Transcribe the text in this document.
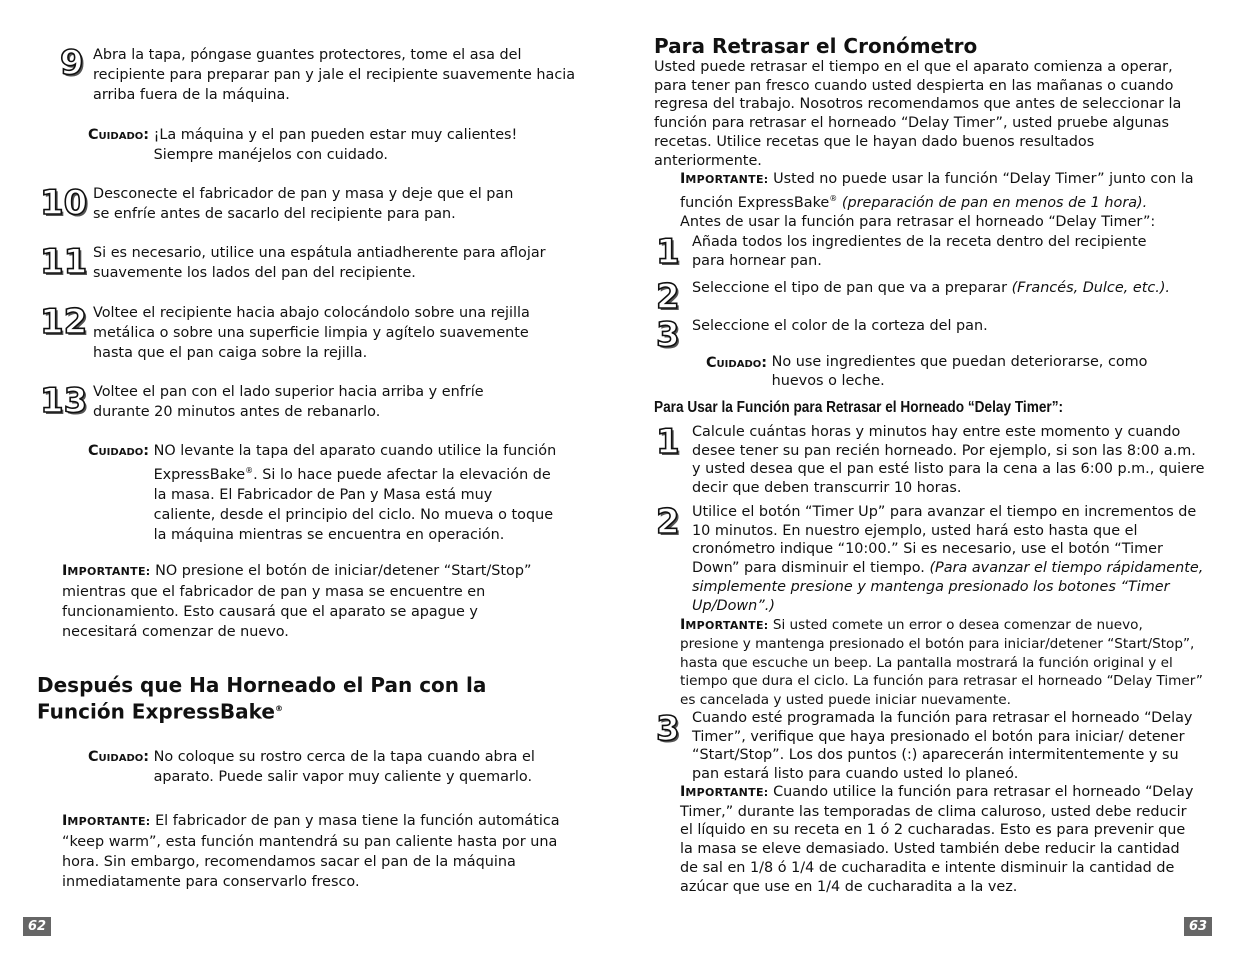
9 Abra la tapa, póngase guantes protectores, tome el asa del recipiente para preparar pan y jale el recipiente suavemente hacia arriba fuera de la máquina.
Cuidado: ¡La máquina y el pan pueden estar muy calientes! Siempre manéjelos con cuidado.
10 Desconecte el fabricador de pan y masa y deje que el pan se enfríe antes de sacarlo del recipiente para pan.
11 Si es necesario, utilice una espátula antiadherente para aflojar suavemente los lados del pan del recipiente.
12 Voltee el recipiente hacia abajo colocándolo sobre una rejilla metálica o sobre una superficie limpia y agítelo suavemente hasta que el pan caiga sobre la rejilla.
13 Voltee el pan con el lado superior hacia arriba y enfríe durante 20 minutos antes de rebanarlo.
Cuidado: NO levante la tapa del aparato cuando utilice la función ExpressBake®. Si lo hace puede afectar la elevación de la masa. El Fabricador de Pan y Masa está muy caliente, desde el principio del ciclo. No mueva o toque la máquina mientras se encuentra en operación.
IMPORTANTE: NO presione el botón de iniciar/detener “Start/Stop” mientras que el fabricador de pan y masa se encuentre en funcionamiento. Esto causará que el aparato se apague y necesitará comenzar de nuevo.
Después que Ha Horneado el Pan con la Función ExpressBake®
Cuidado: No coloque su rostro cerca de la tapa cuando abra el aparato. Puede salir vapor muy caliente y quemarlo.
IMPORTANTE: El fabricador de pan y masa tiene la función automática “keep warm”, esta función mantendrá su pan caliente hasta por una hora. Sin embargo, recomendamos sacar el pan de la máquina inmediatamente para conservarlo fresco.
62
Para Retrasar el Cronómetro
Usted puede retrasar el tiempo en el que el aparato comienza a operar, para tener pan fresco cuando usted despierta en las mañanas o cuando regresa del trabajo. Nosotros recomendamos que antes de seleccionar la función para retrasar el horneado “Delay Timer”, usted pruebe algunas recetas. Utilice recetas que le hayan dado buenos resultados anteriormente.
IMPORTANTE: Usted no puede usar la función “Delay Timer” junto con la función ExpressBake® (preparación de pan en menos de 1 hora).
Antes de usar la función para retrasar el horneado “Delay Timer”:
1 Añada todos los ingredientes de la receta dentro del recipiente para hornear pan.
2 Seleccione el tipo de pan que va a preparar (Francés, Dulce, etc.).
3 Seleccione el color de la corteza del pan.
Cuidado: No use ingredientes que puedan deteriorarse, como huevos o leche.
Para Usar la Función para Retrasar el Horneado “Delay Timer”:
1 Calcule cuántas horas y minutos hay entre este momento y cuando desee tener su pan recién horneado. Por ejemplo, si son las 8:00 a.m. y usted desea que el pan esté listo para la cena a las 6:00 p.m., quiere decir que deben transcurrir 10 horas.
2 Utilice el botón “Timer Up” para avanzar el tiempo en incrementos de 10 minutos. En nuestro ejemplo, usted hará esto hasta que el cronómetro indique “10:00.” Si es necesario, use el botón “Timer Down” para disminuir el tiempo. (Para avanzar el tiempo rápidamente, simplemente presione y mantenga presionado los botones “Timer Up/Down”.)
IMPORTANTE: Si usted comete un error o desea comenzar de nuevo, presione y mantenga presionado el botón para iniciar/detener “Start/Stop”, hasta que escuche un beep. La pantalla mostrará la función original y el tiempo que dura el ciclo. La función para retrasar el horneado “Delay Timer” es cancelada y usted puede iniciar nuevamente.
3 Cuando esté programada la función para retrasar el horneado “Delay Timer”, verifique que haya presionado el botón para iniciar/ detener “Start/Stop”. Los dos puntos (:) aparecerán intermitentemente y su pan estará listo para cuando usted lo planeó.
IMPORTANTE: Cuando utilice la función para retrasar el horneado “Delay Timer,” durante las temporadas de clima caluroso, usted debe reducir el líquido en su receta en 1 ó 2 cucharadas. Esto es para prevenir que la masa se eleve demasiado. Usted también debe reducir la cantidad de sal en 1/8 ó 1/4 de cucharadita e intente disminuir la cantidad de azúcar que use en 1/4 de cucharadita a la vez.
63
